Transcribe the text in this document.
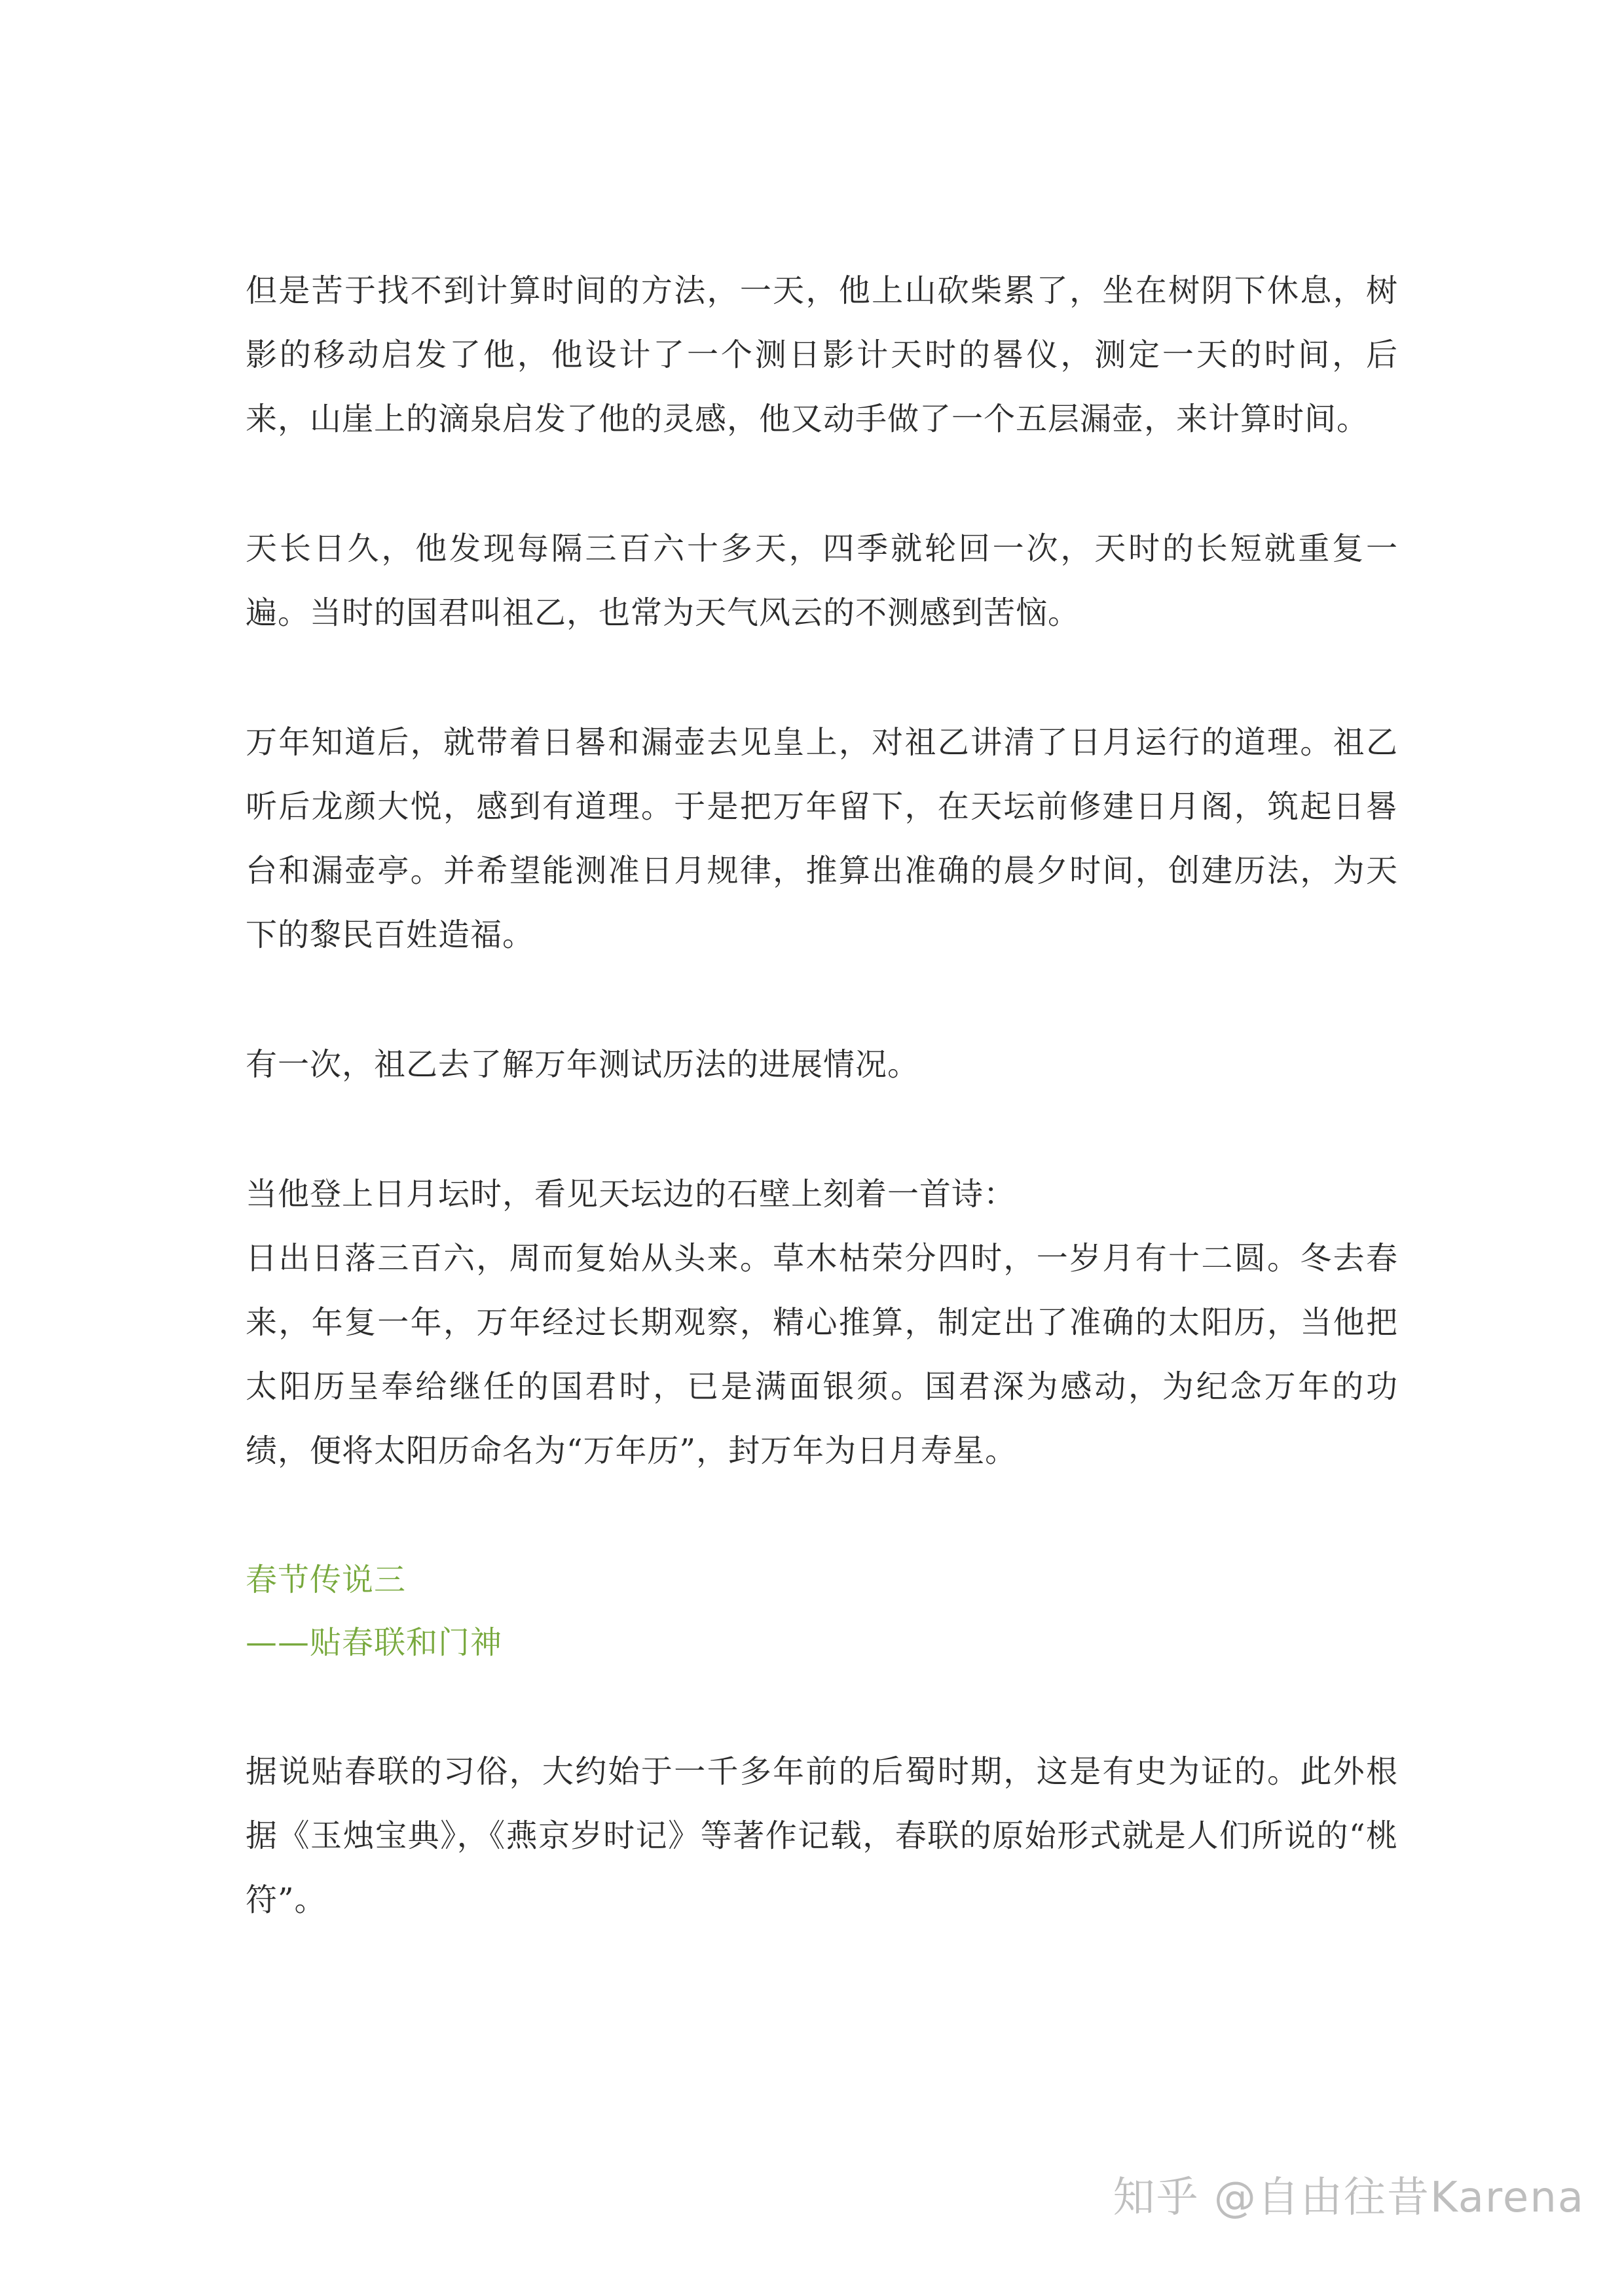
但是苦于找不到计算时间的方法，一天，他上山砍柴累了，坐在树阴下休息，树影的移动启发了他，他设计了一个测日影计天时的晷仪，测定一天的时间，后来，山崖上的滴泉启发了他的灵感，他又动手做了一个五层漏壶，来计算时间。

天长日久，他发现每隔三百六十多天，四季就轮回一次，天时的长短就重复一遍。当时的国君叫祖乙，也常为天气风云的不测感到苦恼。

万年知道后，就带着日晷和漏壶去见皇上，对祖乙讲清了日月运行的道理。祖乙听后龙颜大悦，感到有道理。于是把万年留下，在天坛前修建日月阁，筑起日晷台和漏壶亭。并希望能测准日月规律，推算出准确的晨夕时间，创建历法，为天下的黎民百姓造福。

有一次，祖乙去了解万年测试历法的进展情况。

当他登上日月坛时，看见天坛边的石壁上刻着一首诗：

日出日落三百六，周而复始从头来。草木枯荣分四时，一岁月有十二圆。冬去春来，年复一年，万年经过长期观察，精心推算，制定出了准确的太阳历，当他把太阳历呈奉给继任的国君时，已是满面银须。国君深为感动，为纪念万年的功绩，便将太阳历命名为“万年历”，封万年为日月寿星。

春节传说三

——贴春联和门神

据说贴春联的习俗，大约始于一千多年前的后蜀时期，这是有史为证的。此外根据《玉烛宝典》，《燕京岁时记》等著作记载，春联的原始形式就是人们所说的“桃符”。

知乎 @自由往昔Karena
